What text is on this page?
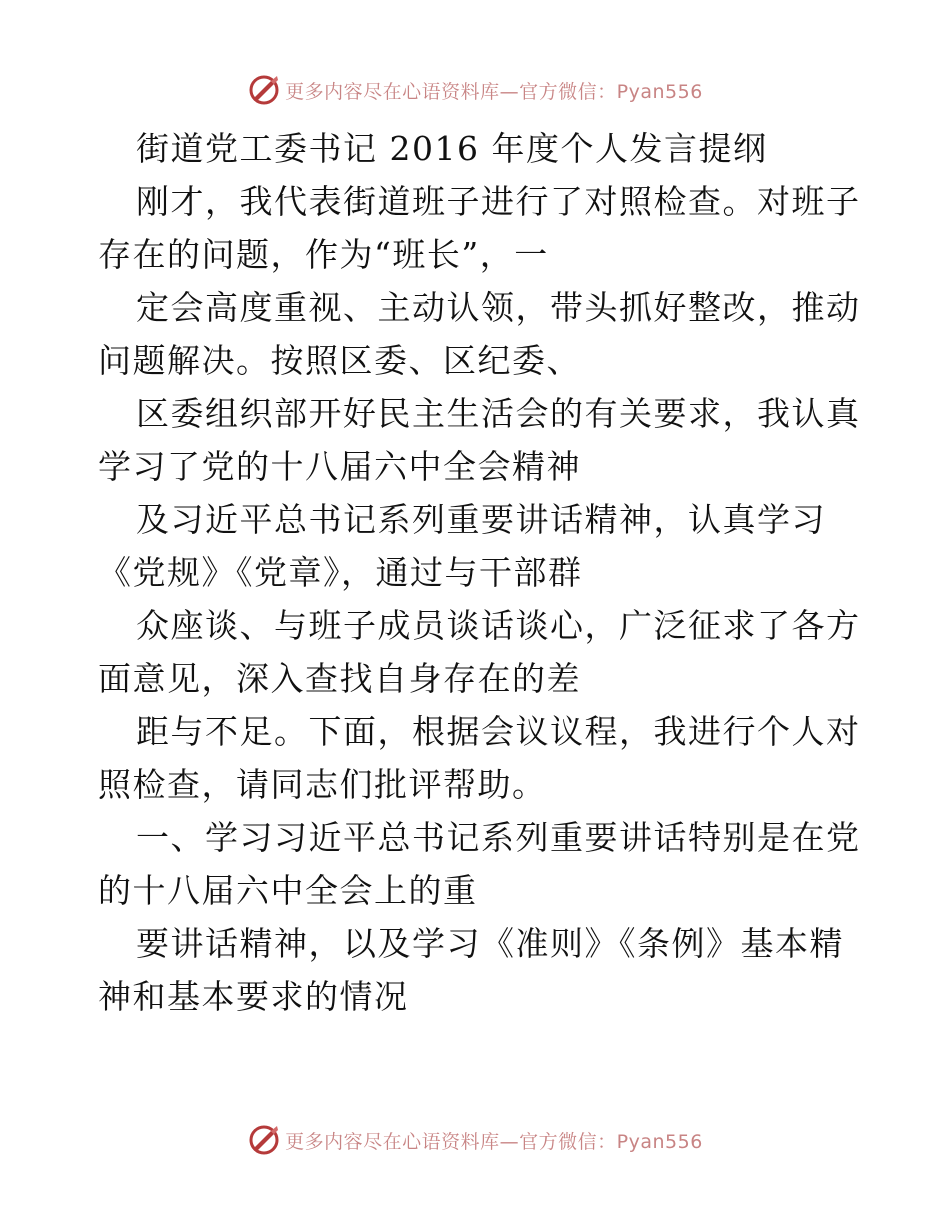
更多内容尽在心语资料库—官方微信：Pyan556
街道党工委书记 2016 年度个人发言提纲
刚才，我代表街道班子进行了对照检查。对班子
存在的问题，作为“班长”，一
定会高度重视、主动认领，带头抓好整改，推动
问题解决。按照区委、区纪委、
区委组织部开好民主生活会的有关要求，我认真
学习了党的十八届六中全会精神
及习近平总书记系列重要讲话精神，认真学习
《党规》《党章》，通过与干部群
众座谈、与班子成员谈话谈心，广泛征求了各方
面意见，深入查找自身存在的差
距与不足。下面，根据会议议程，我进行个人对
照检查，请同志们批评帮助。
一、学习习近平总书记系列重要讲话特别是在党
的十八届六中全会上的重
要讲话精神，以及学习《准则》《条例》基本精
神和基本要求的情况
更多内容尽在心语资料库—官方微信：Pyan556
